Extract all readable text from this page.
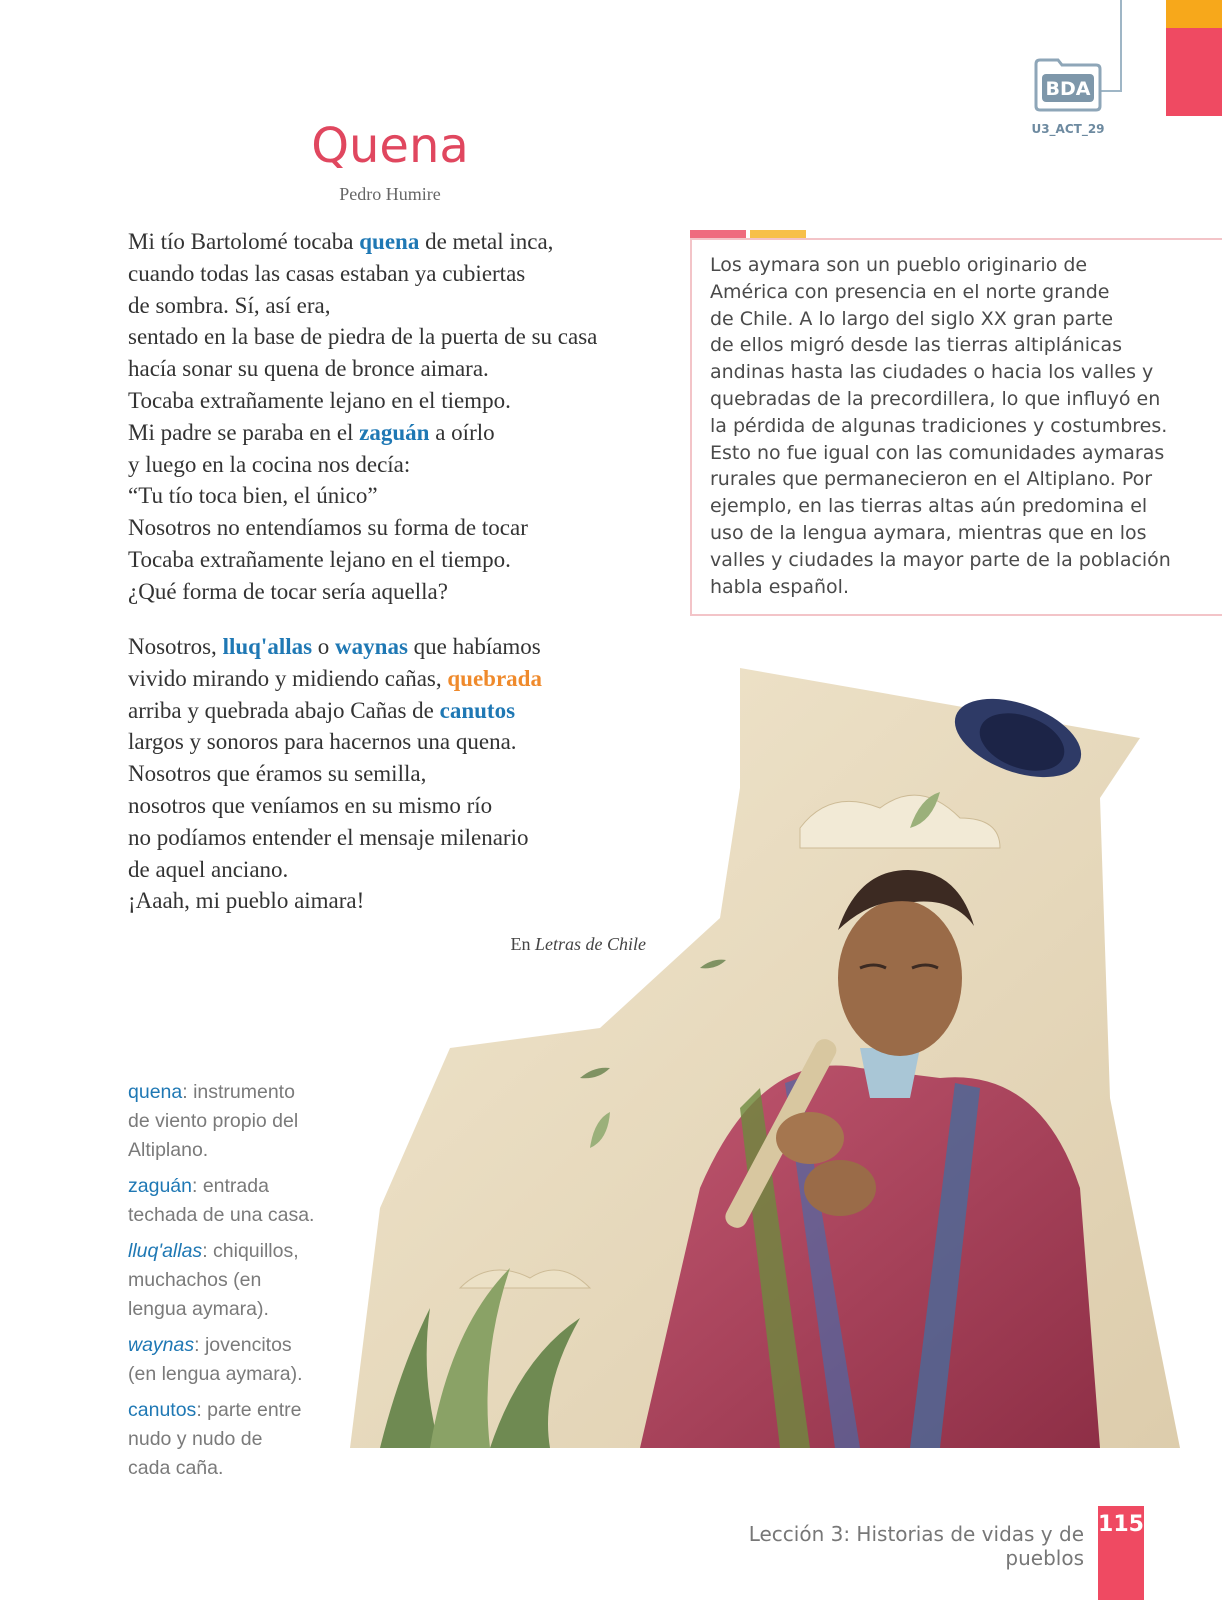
BDA
U3_ACT_29
Quena
Pedro Humire
Mi tío Bartolomé tocaba quena de metal inca,
cuando todas las casas estaban ya cubiertas
de sombra. Sí, así era,
sentado en la base de piedra de la puerta de su casa
hacía sonar su quena de bronce aimara.
Tocaba extrañamente lejano en el tiempo.
Mi padre se paraba en el zaguán a oírlo
y luego en la cocina nos decía:
“Tu tío toca bien, el único”
Nosotros no entendíamos su forma de tocar
Tocaba extrañamente lejano en el tiempo.
¿Qué forma de tocar sería aquella?
Nosotros, lluq'allas o waynas que habíamos
vivido mirando y midiendo cañas, quebrada
arriba y quebrada abajo Cañas de canutos
largos y sonoros para hacernos una quena.
Nosotros que éramos su semilla,
nosotros que veníamos en su mismo río
no podíamos entender el mensaje milenario
de aquel anciano.
¡Aaah, mi pueblo aimara!
En Letras de Chile
Los aymara son un pueblo originario de
América con presencia en el norte grande
de Chile. A lo largo del siglo XX gran parte
de ellos migró desde las tierras altiplánicas
andinas hasta las ciudades o hacia los valles y
quebradas de la precordillera, lo que influyó en
la pérdida de algunas tradiciones y costumbres.
Esto no fue igual con las comunidades aymaras
rurales que permanecieron en el Altiplano. Por
ejemplo, en las tierras altas aún predomina el
uso de la lengua aymara, mientras que en los
valles y ciudades la mayor parte de la población
habla español.
quena: instrumento
de viento propio del
Altiplano.
zaguán: entrada
techada de una casa.
lluq'allas: chiquillos,
muchachos (en
lengua aymara).
waynas: jovencitos
(en lengua aymara).
canutos: parte entre
nudo y nudo de
cada caña.
Lección 3: Historias de vidas y de pueblos
115
